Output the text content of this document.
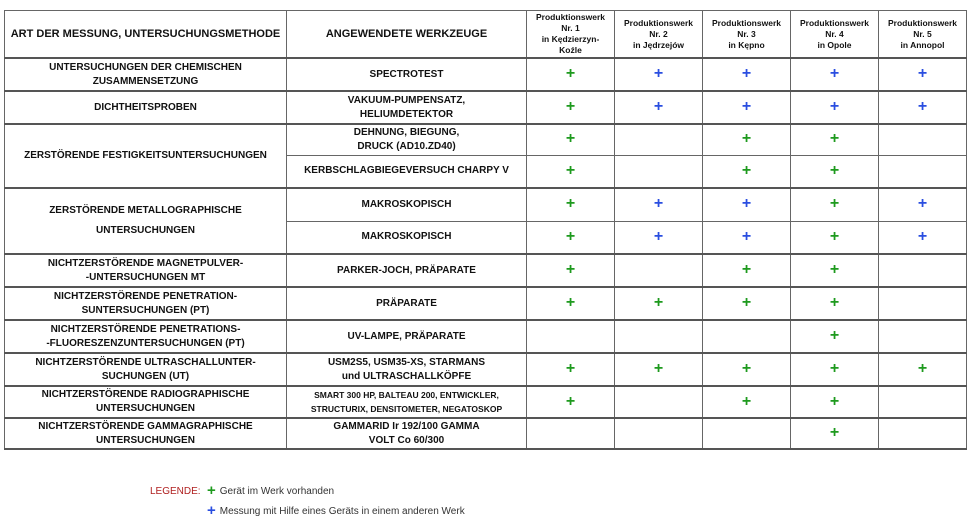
ART DER MESSUNG, UNTERSUCHUNGSMETHODE	ANGEWENDETE WERKZEUGE	Produktionswerk
Nr. 1
in Kędzierzyn-Koźle	Produktionswerk
Nr. 2
in Jędrzejów	Produktionswerk
Nr. 3
in Kępno	Produktionswerk
Nr. 4
in Opole	Produktionswerk
Nr. 5
in Annopol
UNTERSUCHUNGEN DER CHEMISCHEN ZUSAMMENSETZUNG	SPECTROTEST	+	+	+	+	+
DICHTHEITSPROBEN	VAKUUM-PUMPENSATZ,
HELIUMDETEKTOR	+	+	+	+	+
ZERSTÖRENDE FESTIGKEITSUNTERSUCHUNGEN	DEHNUNG, BIEGUNG,
DRUCK (AD10.ZD40)	+		+	+	
	KERBSCHLAGBIEGEVERSUCH CHARPY V	+		+	+	
ZERSTÖRENDE METALLOGRAPHISCHE
UNTERSUCHUNGEN	MAKROSKOPISCH	+	+	+	+	+
	MAKROSKOPISCH	+	+	+	+	+
NICHTZERSTÖRENDE MAGNETPULVER-
-UNTERSUCHUNGEN MT	PARKER-JOCH, PRÄPARATE	+		+	+	
NICHTZERSTÖRENDE PENETRATION-
SUNTERSUCHUNGEN (PT)	PRÄPARATE	+	+	+	+	
NICHTZERSTÖRENDE PENETRATIONS-
-FLUORESZENZUNTERSUCHUNGEN (PT)	UV-LAMPE, PRÄPARATE				+	
NICHTZERSTÖRENDE ULTRASCHALLUNTER-
SUCHUNGEN (UT)	USM2S5, USM35-XS, STARMANS
und ULTRASCHALLKÖPFE	+	+	+	+	+
NICHTZERSTÖRENDE RADIOGRAPHISCHE
UNTERSUCHUNGEN	SMART 300 HP, BALTEAU 200, ENTWICKLER,
STRUCTURIX, DENSITOMETER, NEGATOSKOP	+		+	+	
NICHTZERSTÖRENDE GAMMAGRAPHISCHE
UNTERSUCHUNGEN	GAMMARID Ir 192/100 GAMMA
VOLT Co 60/300				+	
LEGENDE: + Gerät im Werk vorhanden
+ Messung mit Hilfe eines Geräts in einem anderen Werk
